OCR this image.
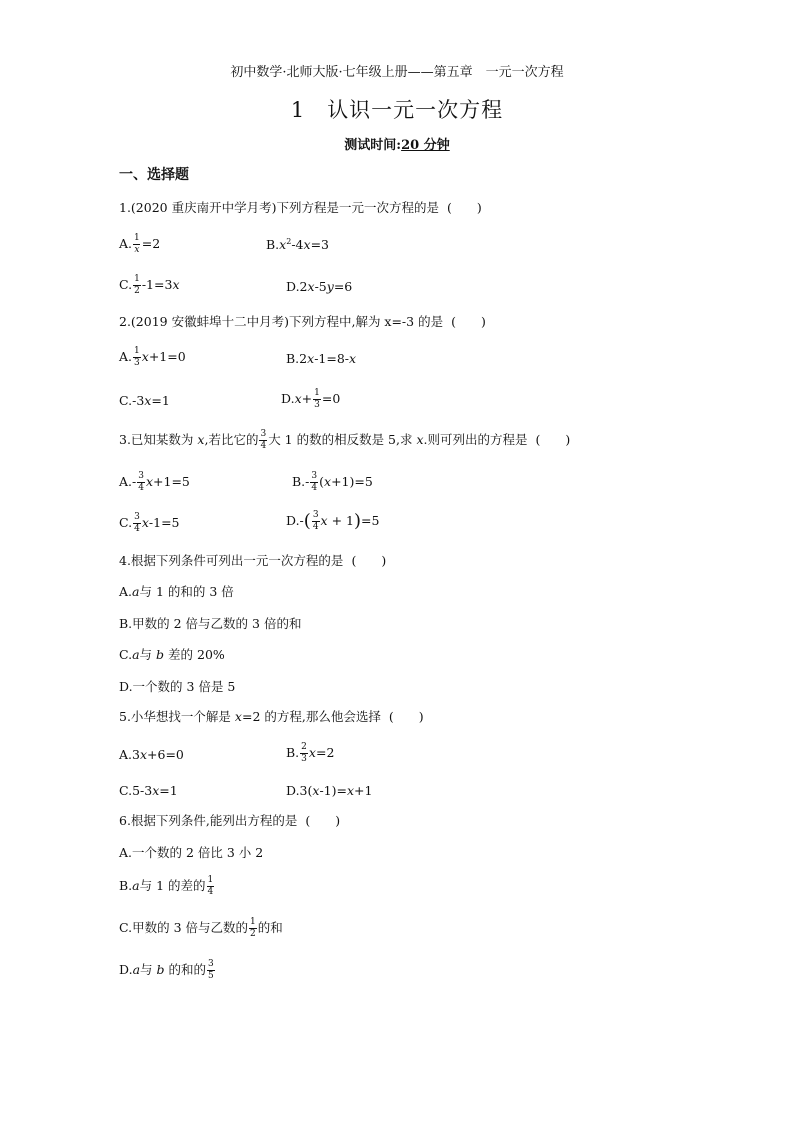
初中数学·北师大版·七年级上册——第五章　一元一次方程
1 认识一元一次方程
测试时间:20 分钟
一、选择题
1.(2020 重庆南开中学月考)下列方程是一元一次方程的是 (　　)
A. $\frac{1}{x} =2$	$B.x^2-4x=3$
C. $\frac{1}{2} -1=3x$	D.2x-5y=6
2.(2019 安徽蚌埠十二中月考)下列方程中,解为 x=-3 的是 (　　)
A. $\frac{1}{3} x+1=0$	B.2x-1=8-x
C.-3x=1	$D.x+ \frac{1}{3} =0$
3.已知某数为 x,若比它的 $\frac{3}{4}$ 大 1 的数的相反数是 5,求 x.则可列出的方程是 (　　)
$A.- \frac{3}{4} x+1=5$	$B.- \frac{3}{4} (x+1)=5$
C. $\frac{3}{4} x-1=5$	$D.-( \frac{3}{4}$ x + 1)=5
4.根据下列条件可列出一元一次方程的是 (　　)
A.a与 1 的和的 3 倍
B.甲数的 2 倍与乙数的 3 倍的和
C.a与 b 差的 20%
D.一个数的 3 倍是 5
5.小华想找一个解是 x=2 的方程,那么他会选择 (　　)
A.3x+6=0	B. $\frac{2}{3} x=2$
C.5-3x=1	D.3(x-1)=x+1
6.根据下列条件,能列出方程的是 (　　)
A.一个数的 2 倍比 3 小 2
B.a与 1 的差的 $\frac{1}{4}$
C.甲数的 3 倍与乙数的 $\frac{1}{2}$ 的和
D.a与 b 的和的 $\frac{3}{5}$
